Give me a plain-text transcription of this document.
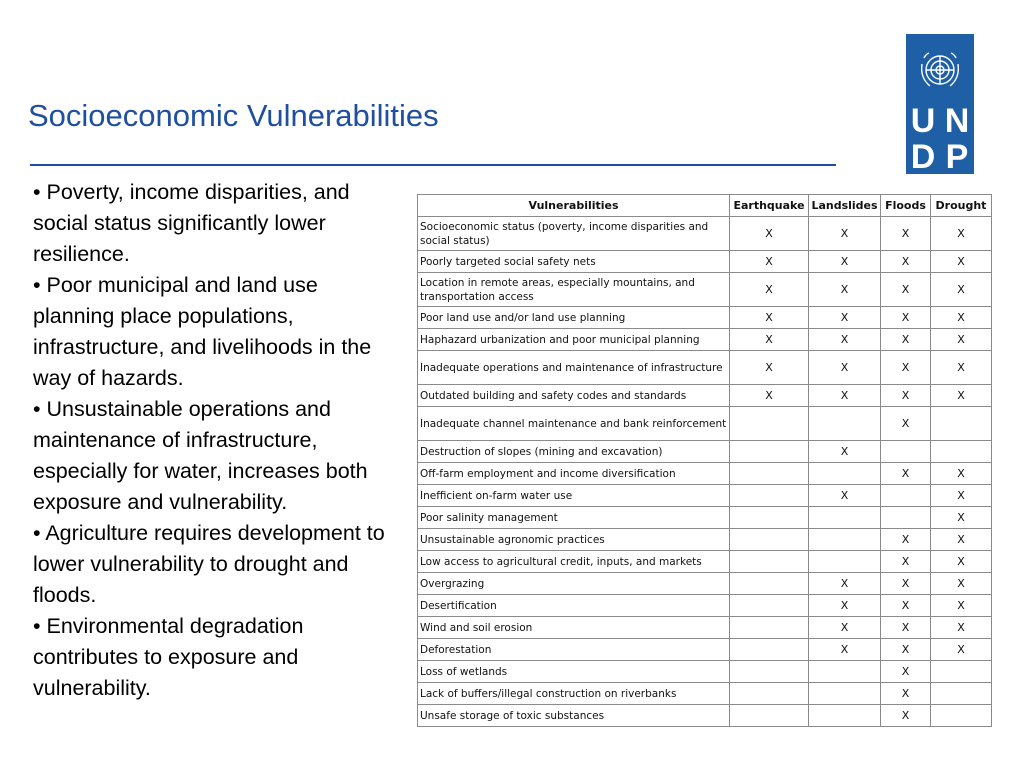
Socioeconomic Vulnerabilities	U N
D P

• Poverty, income disparities, and social status significantly lower resilience.

• Poor municipal and land use planning place populations, infrastructure, and livelihoods in the way of hazards.

• Unsustainable operations and maintenance of infrastructure, especially for water, increases both exposure and vulnerability.

• Agriculture requires development to lower vulnerability to drought and floods.

• Environmental degradation contributes to exposure and vulnerability.

Vulnerabilities	Earthquake	Landslides	Floods	Drought
Socioeconomic status (poverty, income disparities and social status)	X	X	X	X
Poorly targeted social safety nets	X	X	X	X
Location in remote areas, especially mountains, and transportation access	X	X	X	X
Poor land use and/or land use planning	X	X	X	X
Haphazard urbanization and poor municipal planning	X	X	X	X
Inadequate operations and maintenance of infrastructure	X	X	X	X
Outdated building and safety codes and standards	X	X	X	X
Inadequate channel maintenance and bank reinforcement			X	
Destruction of slopes (mining and excavation)		X		
Off-farm employment and income diversification			X	X
Inefficient on-farm water use		X		X
Poor salinity management				X
Unsustainable agronomic practices			X	X
Low access to agricultural credit, inputs, and markets			X	X
Overgrazing		X	X	X
Desertification		X	X	X
Wind and soil erosion		X	X	X
Deforestation		X	X	X
Loss of wetlands			X	
Lack of buffers/illegal construction on riverbanks			X	
Unsafe storage of toxic substances			X	
